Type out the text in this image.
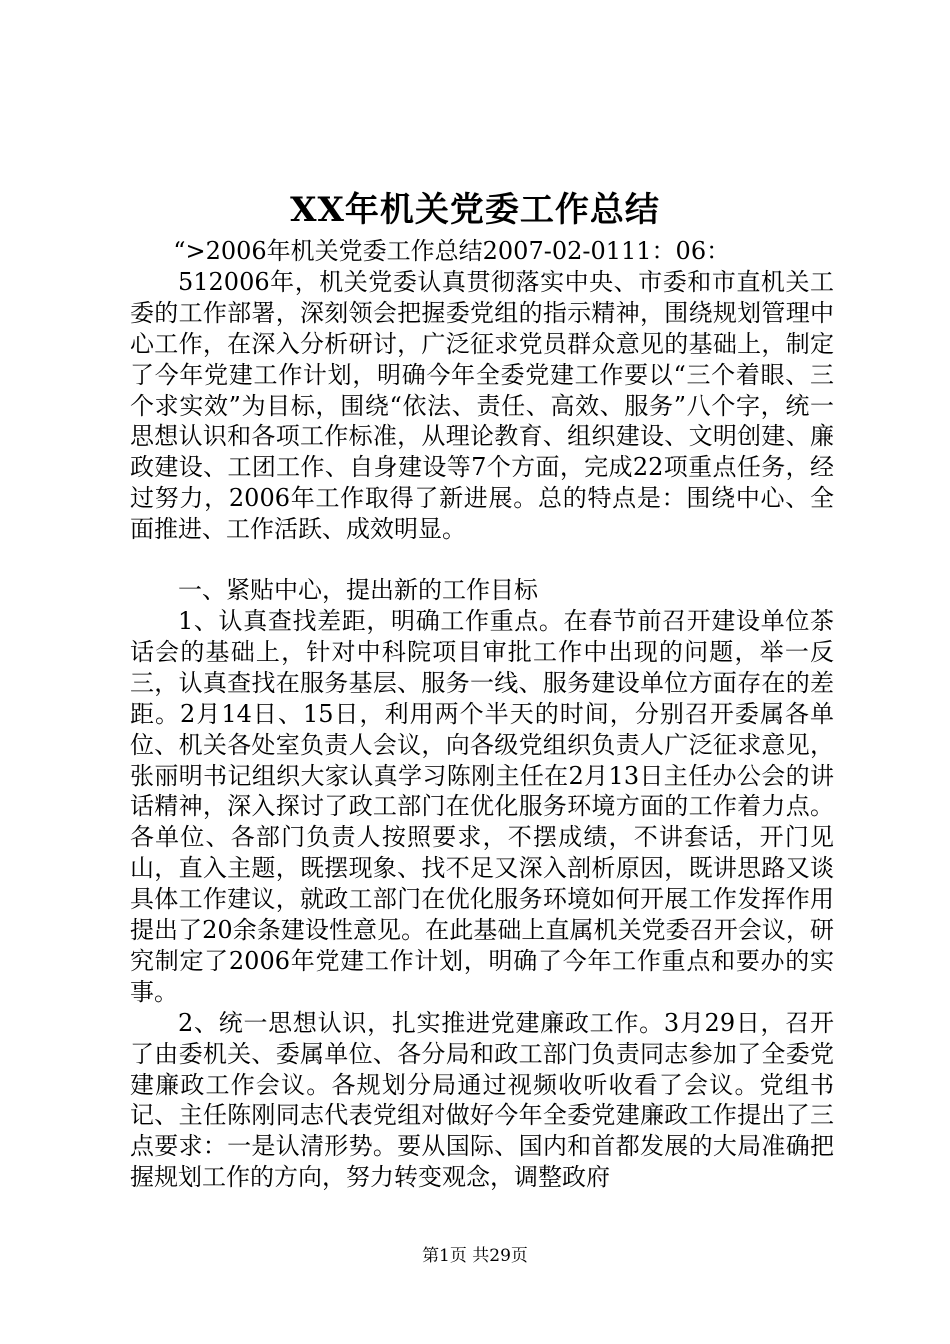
XX年机关党委工作总结

“>2006年机关党委工作总结2007-02-0111：06：

512006年，机关党委认真贯彻落实中央、市委和市直机关工委的工作部署，深刻领会把握委党组的指示精神，围绕规划管理中心工作，在深入分析研讨，广泛征求党员群众意见的基础上，制定了今年党建工作计划，明确今年全委党建工作要以“三个着眼、三个求实效”为目标，围绕“依法、责任、高效、服务”八个字，统一思想认识和各项工作标准，从理论教育、组织建设、文明创建、廉政建设、工团工作、自身建设等7个方面，完成22项重点任务，经过努力，2006年工作取得了新进展。总的特点是：围绕中心、全面推进、工作活跃、成效明显。

一、紧贴中心，提出新的工作目标

1、认真查找差距，明确工作重点。在春节前召开建设单位茶话会的基础上，针对中科院项目审批工作中出现的问题，举一反三，认真查找在服务基层、服务一线、服务建设单位方面存在的差距。2月14日、15日，利用两个半天的时间，分别召开委属各单位、机关各处室负责人会议，向各级党组织负责人广泛征求意见，张丽明书记组织大家认真学习陈刚主任在2月13日主任办公会的讲话精神，深入探讨了政工部门在优化服务环境方面的工作着力点。各单位、各部门负责人按照要求，不摆成绩，不讲套话，开门见山，直入主题，既摆现象、找不足又深入剖析原因，既讲思路又谈具体工作建议，就政工部门在优化服务环境如何开展工作发挥作用提出了20余条建设性意见。在此基础上直属机关党委召开会议，研究制定了2006年党建工作计划，明确了今年工作重点和要办的实事。

2、统一思想认识，扎实推进党建廉政工作。3月29日，召开了由委机关、委属单位、各分局和政工部门负责同志参加了全委党建廉政工作会议。各规划分局通过视频收听收看了会议。党组书记、主任陈刚同志代表党组对做好今年全委党建廉政工作提出了三点要求：一是认清形势。要从国际、国内和首都发展的大局准确把握规划工作的方向，努力转变观念，调整政府

第1页 共29页
